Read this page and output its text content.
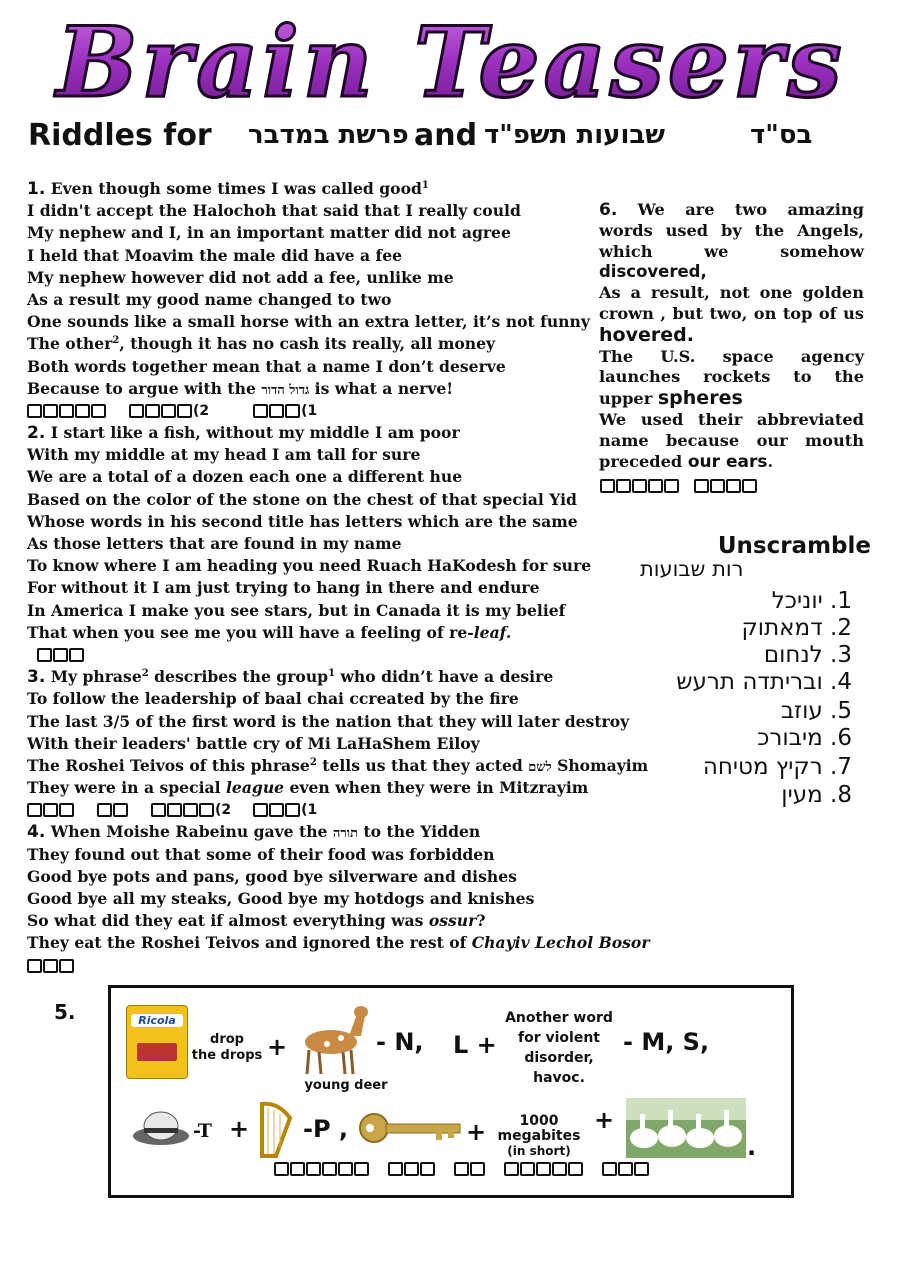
Brain Teasers
Riddles for פרשת במדבר and שבועות תשפ"ד	בס"ד
1. Even though some times I was called good$^1$
I didn't accept the Halochoh that said that I really could
My nephew and I, in an important matter did not agree
I held that Moavim the male did have a fee
My nephew however did not add a fee, unlike me
As a result my good name changed to two
One sounds like a small horse with an extra letter, it’s not funny
The other$^2$, though it has no cash its really, all money
Both words together mean that a name I don’t deserve
Because to argue with the גדול הדור is what a nerve!
(2	(1
2. I start like a fish, without my middle I am poor
With my middle at my head I am tall for sure
We are a total of a dozen each one a different hue
Based on the color of the stone on the chest of that special Yid
Whose words in his second title has letters which are the same
As those letters that are found in my name
To know where I am heading you need Ruach HaKodesh for sure
For without it I am just trying to hang in there and endure
In America I make you see stars, but in Canada it is my belief
That when you see me you will have a feeling of re-leaf.
3. My phrase$^2$ describes the group$^1$ who didn’t have a desire
To follow the leadership of baal chai ccreated by the fire
The last 3/5 of the first word is the nation that they will later destroy
With their leaders' battle cry of Mi LaHaShem Eiloy
The Roshei Teivos of this phrase$^2$ tells us that they acted לשם Shomayim
They were in a special league even when they were in Mitzrayim
(2	(1
4. When Moishe Rabeinu gave the תורה to the Yidden
They found out that some of their food was forbidden
Good bye pots and pans, good bye silverware and dishes
Good bye all my steaks, Good bye my hotdogs and knishes
So what did they eat if almost everything was ossur?
They eat the Roshei Teivos and ignored the rest of Chayiv Lechol Bosor
6. We are two amazing words used by the Angels, which we somehow discovered,
As a result, not one golden crown , but two, on top of us hovered.
The U.S. space agency launches rockets to the upper spheres
We used their abbreviated name because our mouth preceded our ears.
Unscramble
רות שבועות
1. יוניכל
2. דמאתוק
3. לנחום
4. ובריתדה תרעש
5. עוזב
6. מיבורכ
7. רקיץ מטיחה
8. מעין
5.	Ricola
drop
the drops +
young deer
- N, L +
Another word
for violent
disorder,
havoc.
- M, S,
-T + -P ,	+	1000
megabites
(in short)
+
.
